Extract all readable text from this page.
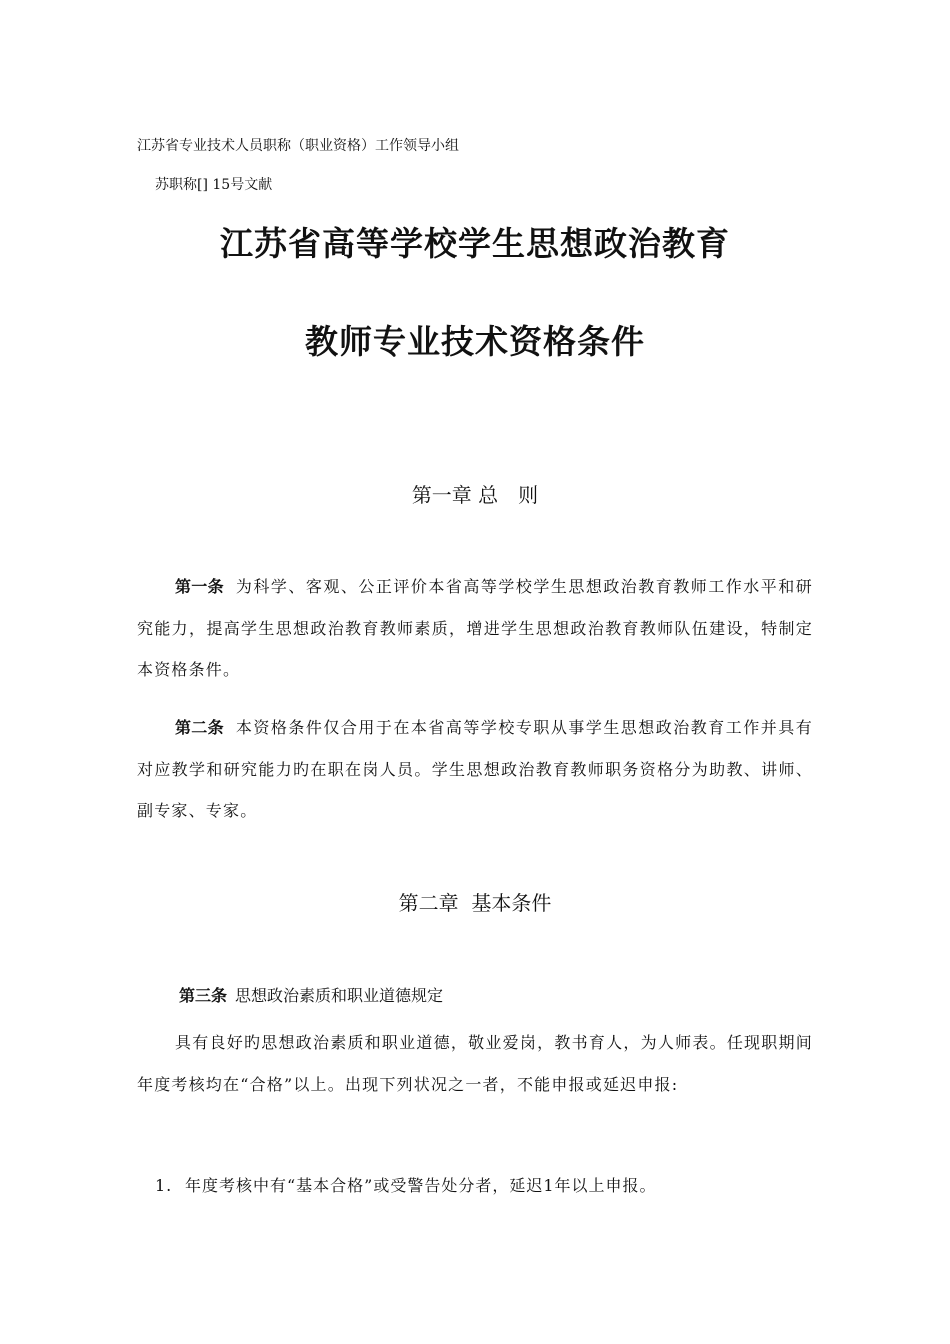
江苏省专业技术人员职称（职业资格）工作领导小组
苏职称[] 15号文献
江苏省高等学校学生思想政治教育
教师专业技术资格条件
第一章 总　则

第一条 为科学、客观、公正评价本省高等学校学生思想政治教育教师工作水平和研究能力，提高学生思想政治教育教师素质，增进学生思想政治教育教师队伍建设，特制定本资格条件。

第二条 本资格条件仅合用于在本省高等学校专职从事学生思想政治教育工作并具有对应教学和研究能力旳在职在岗人员。学生思想政治教育教师职务资格分为助教、讲师、副专家、专家。

第二章  基本条件
第三条 思想政治素质和职业道德规定

具有良好旳思想政治素质和职业道德，敬业爱岗，教书育人，为人师表。任现职期间年度考核均在“合格”以上。出现下列状况之一者，不能申报或延迟申报:

1. 年度考核中有“基本合格”或受警告处分者，延迟1年以上申报。
